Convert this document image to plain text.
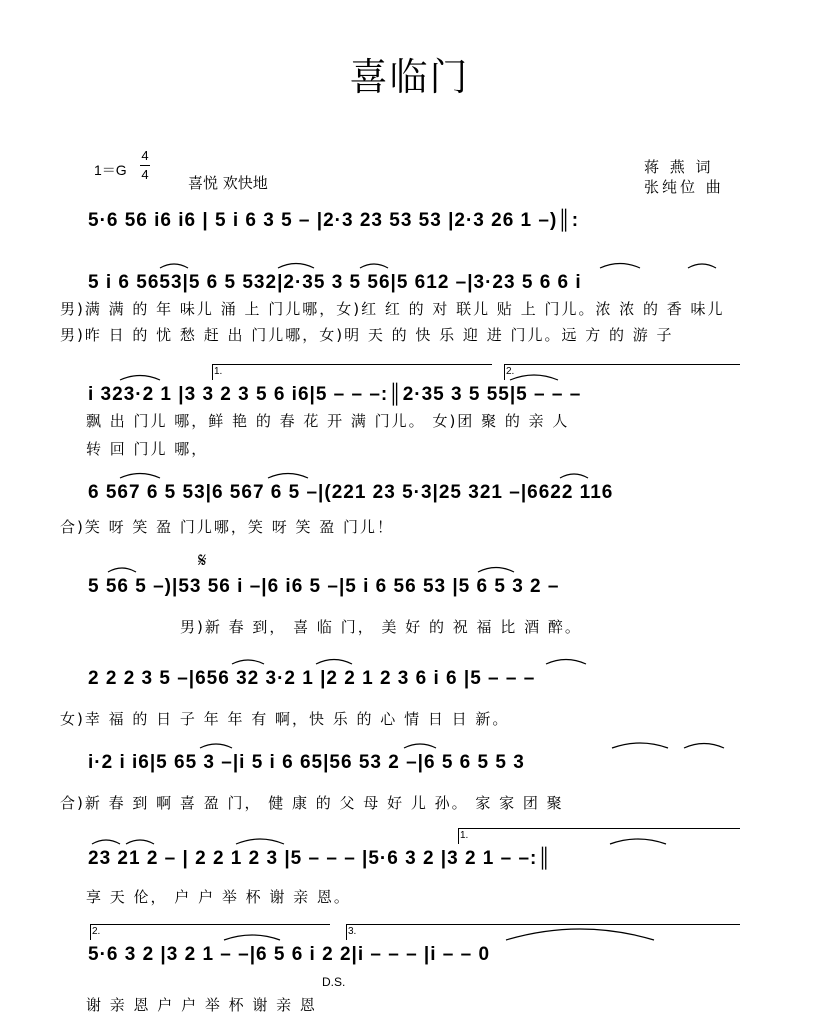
喜临门
1＝G
4
4	喜悦 欢快地
蒋 燕 词
张纯位 曲
5·6 56 i6 i6 | 5 i 6 3 5 – |2·3 23 53 53 |2·3 26 1 –)║:
5 i 6 5653|5 6 5 532|2·35 3 5 56|5 612 –|3·23 5 6 6 i
男)满 满 的 年 味儿 涌 上 门儿哪，女)红 红 的 对 联儿 贴 上 门儿。浓 浓 的 香 味儿
男)昨 日 的 忧 愁 赶 出 门儿哪，女)明 天 的 快 乐 迎 进 门儿。远 方 的 游 子
1.	2.
i 323·2 1 |3 3 2 3 5 6 i6|5 – – –:║2·35 3 5 55|5 – – –
飘 出 门儿 哪，鲜 艳 的 春 花 开 满 门儿。 女)团 聚 的 亲 人
转 回 门儿 哪，
6 567 6 5 53|6 567 6 5 –|(221 23 5·3|25 321 –|6622 116
合)笑 呀 笑 盈 门儿哪，笑 呀 笑 盈 门儿！
𝄋
5 56 5 –)|53 56 i –|6 i6 5 –|5 i 6 56 53 |5 6 5 3 2 –
男)新 春 到， 喜 临 门， 美 好 的 祝 福 比 酒 醉。
2 2 2 3 5 –|656 32 3·2 1 |2 2 1 2 3 6 i 6 |5 – – –
女)幸 福 的 日 子 年 年 有 啊，快 乐 的 心 情 日 日 新。
i·2 i i6|5 65 3 –|i 5 i 6 65|56 53 2 –|6 5 6 5 5 3
合)新 春 到 啊 喜 盈 门， 健 康 的 父 母 好 儿 孙。 家 家 团 聚
1.
23 21 2 – | 2 2 1 2 3 |5 – – – |5·6 3 2 |3 2 1 – –:║
享 天 伦， 户 户 举 杯 谢 亲 恩。
2.	3.
5·6 3 2 |3 2 1 – –|6 5 6 i 2 2|i – – – |i – – 0
D.S.
谢 亲 恩 户 户 举 杯 谢 亲 恩
